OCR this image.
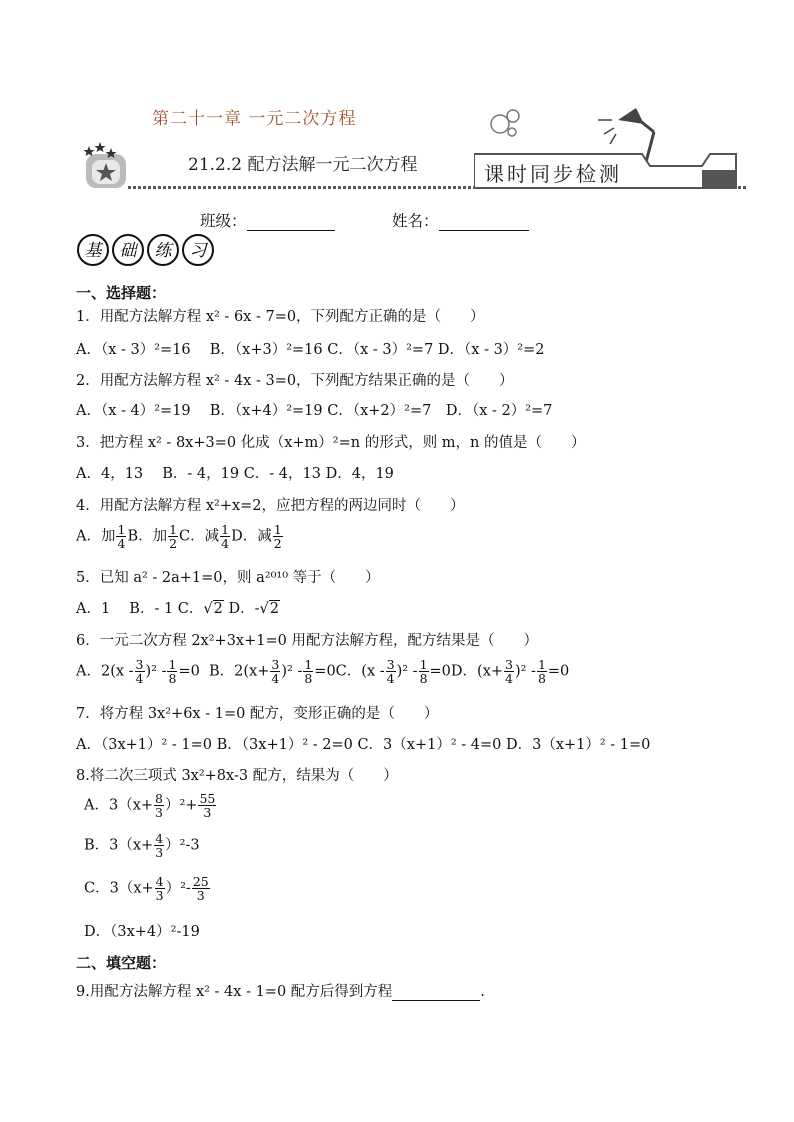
第二十一章 一元二次方程
21.2.2 配方法解一元二次方程	课时同步检测
班级：	姓名：
基 础 练 习
一、选择题：
1．用配方法解方程 x² - 6x - 7=0，下列配方正确的是（　　）
A．（x - 3）²=16　 B．（x+3）²=16 C．（x - 3）²=7 D．（x - 3）²=2
2．用配方法解方程 x² - 4x - 3=0，下列配方结果正确的是（　　）
A．（x - 4）²=19　 B．（x+4）²=19 C．（x+2）²=7　D．（x - 2）²=7
3．把方程 x² - 8x+3=0 化成（x+m）²=n 的形式，则 m，n 的值是（　　）
A．4，13　 B．- 4，19 C．- 4，13 D．4，19
4．用配方法解方程 x²+x=2，应把方程的两边同时（　　）
A．加 $\frac{1}{4}$ B．加 $\frac{1}{2}$ C．减 $\frac{1}{4}$ D．减 $\frac{1}{2}$
5．已知 a² - 2a+1=0，则 a²⁰¹⁰ 等于（　　）
A．1　 B．- 1 C．√2 D．-√2
6．一元二次方程 2x²+3x+1=0 用配方法解方程，配方结果是（　　）
A．$2(x - \frac{3}{4} )^2 - \frac{1}{8} =0$ B．$2(x+ \frac{3}{4} )^2 - \frac{1}{8} =0C$．$(x - \frac{3}{4} )^2 - \frac{1}{8} =0D$．$(x+ \frac{3}{4} )^2 - \frac{1}{8} =0$
7．将方程 3x²+6x - 1=0 配方，变形正确的是（　　）
A．（3x+1）² - 1=0 B．（3x+1）² - 2=0 C．3（x+1）² - 4=0 D．3（x+1）² - 1=0
8.将二次三项式 3x²+8x-3 配方，结果为（　　）
A．$3(x+ \frac{8}{3} )^2+ \frac{55}{3}$
B．$3(x+ \frac{4}{3} )^2-3$
C．$3(x+ \frac{4}{3} )^2- \frac{25}{3}$
D．（3x+4）²-19
二、填空题：
9.用配方法解方程 x² - 4x - 1=0 配方后得到方程	.
